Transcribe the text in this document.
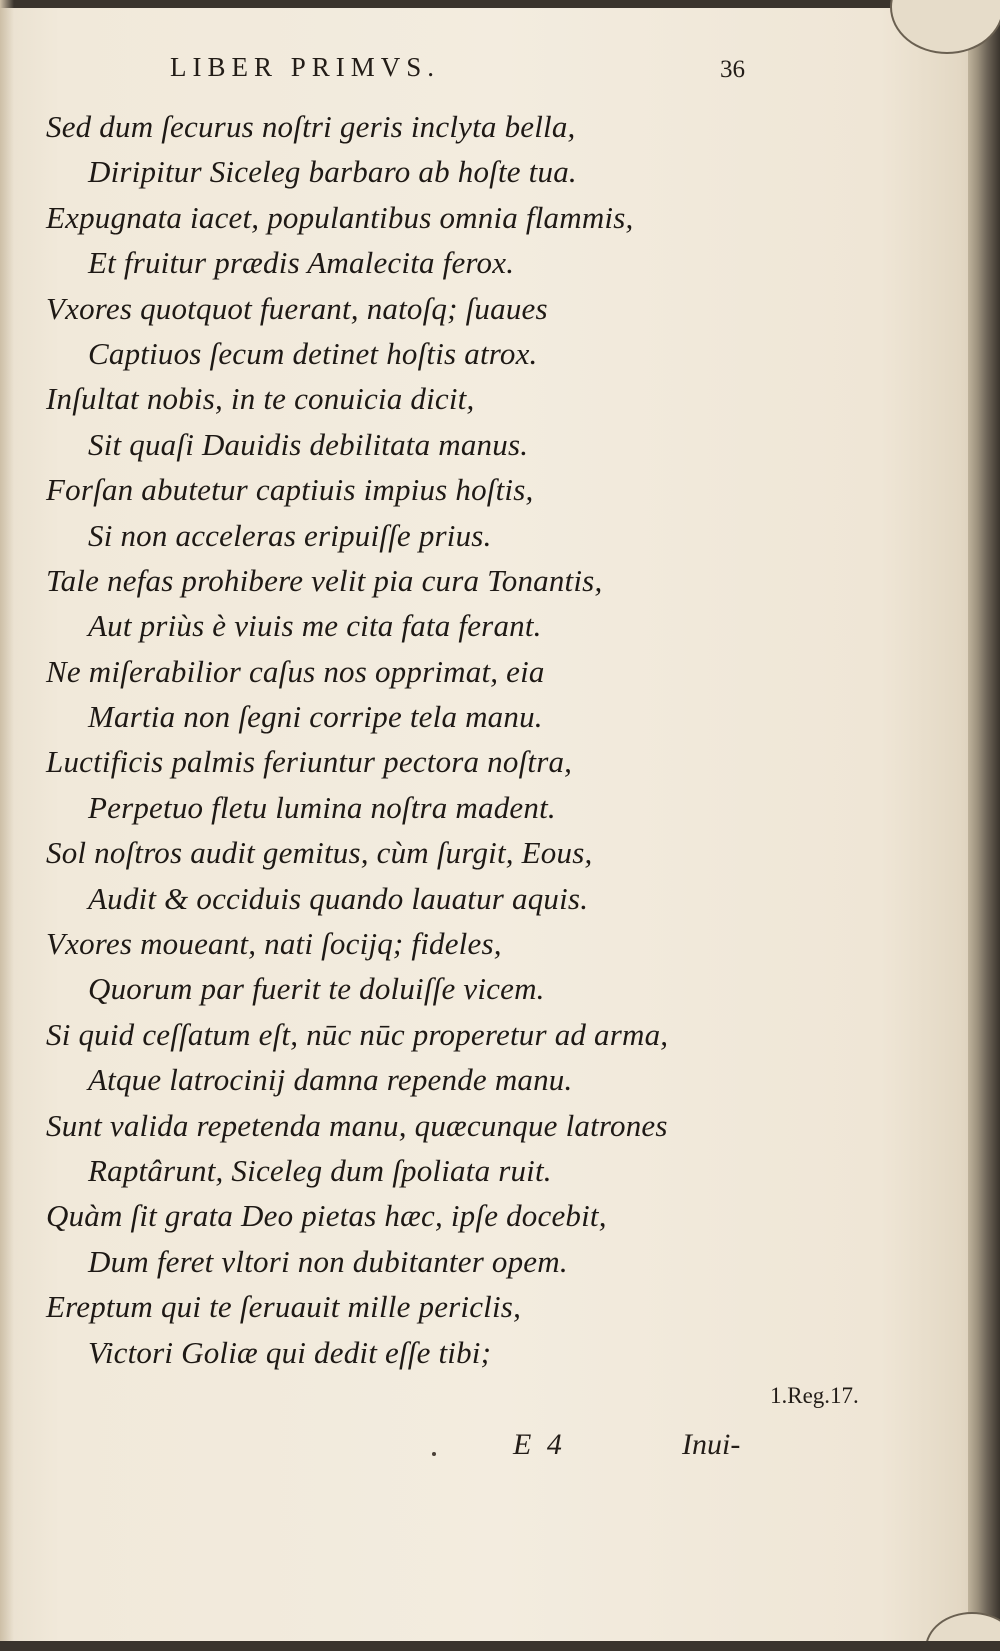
LIBER PRIMVS.	36
Sed dum ſecurus noſtri geris inclyta bella,
Diripitur Siceleg barbaro ab hoſte tua.
Expugnata iacet, populantibus omnia flammis,
Et fruitur prædis Amalecita ferox.
Vxores quotquot fuerant, natoſq; ſuaues
Captiuos ſecum detinet hoſtis atrox.
Inſultat nobis, in te conuicia dicit,
Sit quaſi Dauidis debilitata manus.
Forſan abutetur captiuis impius hoſtis,
Si non acceleras eripuiſſe prius.
Tale nefas prohibere velit pia cura Tonantis,
Aut priùs è viuis me cita fata ferant.
Ne miſerabilior caſus nos opprimat, eia
Martia non ſegni corripe tela manu.
Luctificis palmis feriuntur pectora noſtra,
Perpetuo fletu lumina noſtra madent.
Sol noſtros audit gemitus, cùm ſurgit, Eous,
Audit & occiduis quando lauatur aquis.
Vxores moueant, nati ſocijq; fideles,
Quorum par fuerit te doluiſſe vicem.
Si quid ceſſatum eſt, nūc nūc properetur ad arma,
Atque latrocinij damna repende manu.
Sunt valida repetenda manu, quæcunque latrones
Raptârunt, Siceleg dum ſpoliata ruit.
Quàm ſit grata Deo pietas hæc, ipſe docebit,
Dum feret vltori non dubitanter opem.
Ereptum qui te ſeruauit mille periclis,
Victori Goliæ qui dedit eſſe tibi;
1.Reg.17.
E 4	Inui-
